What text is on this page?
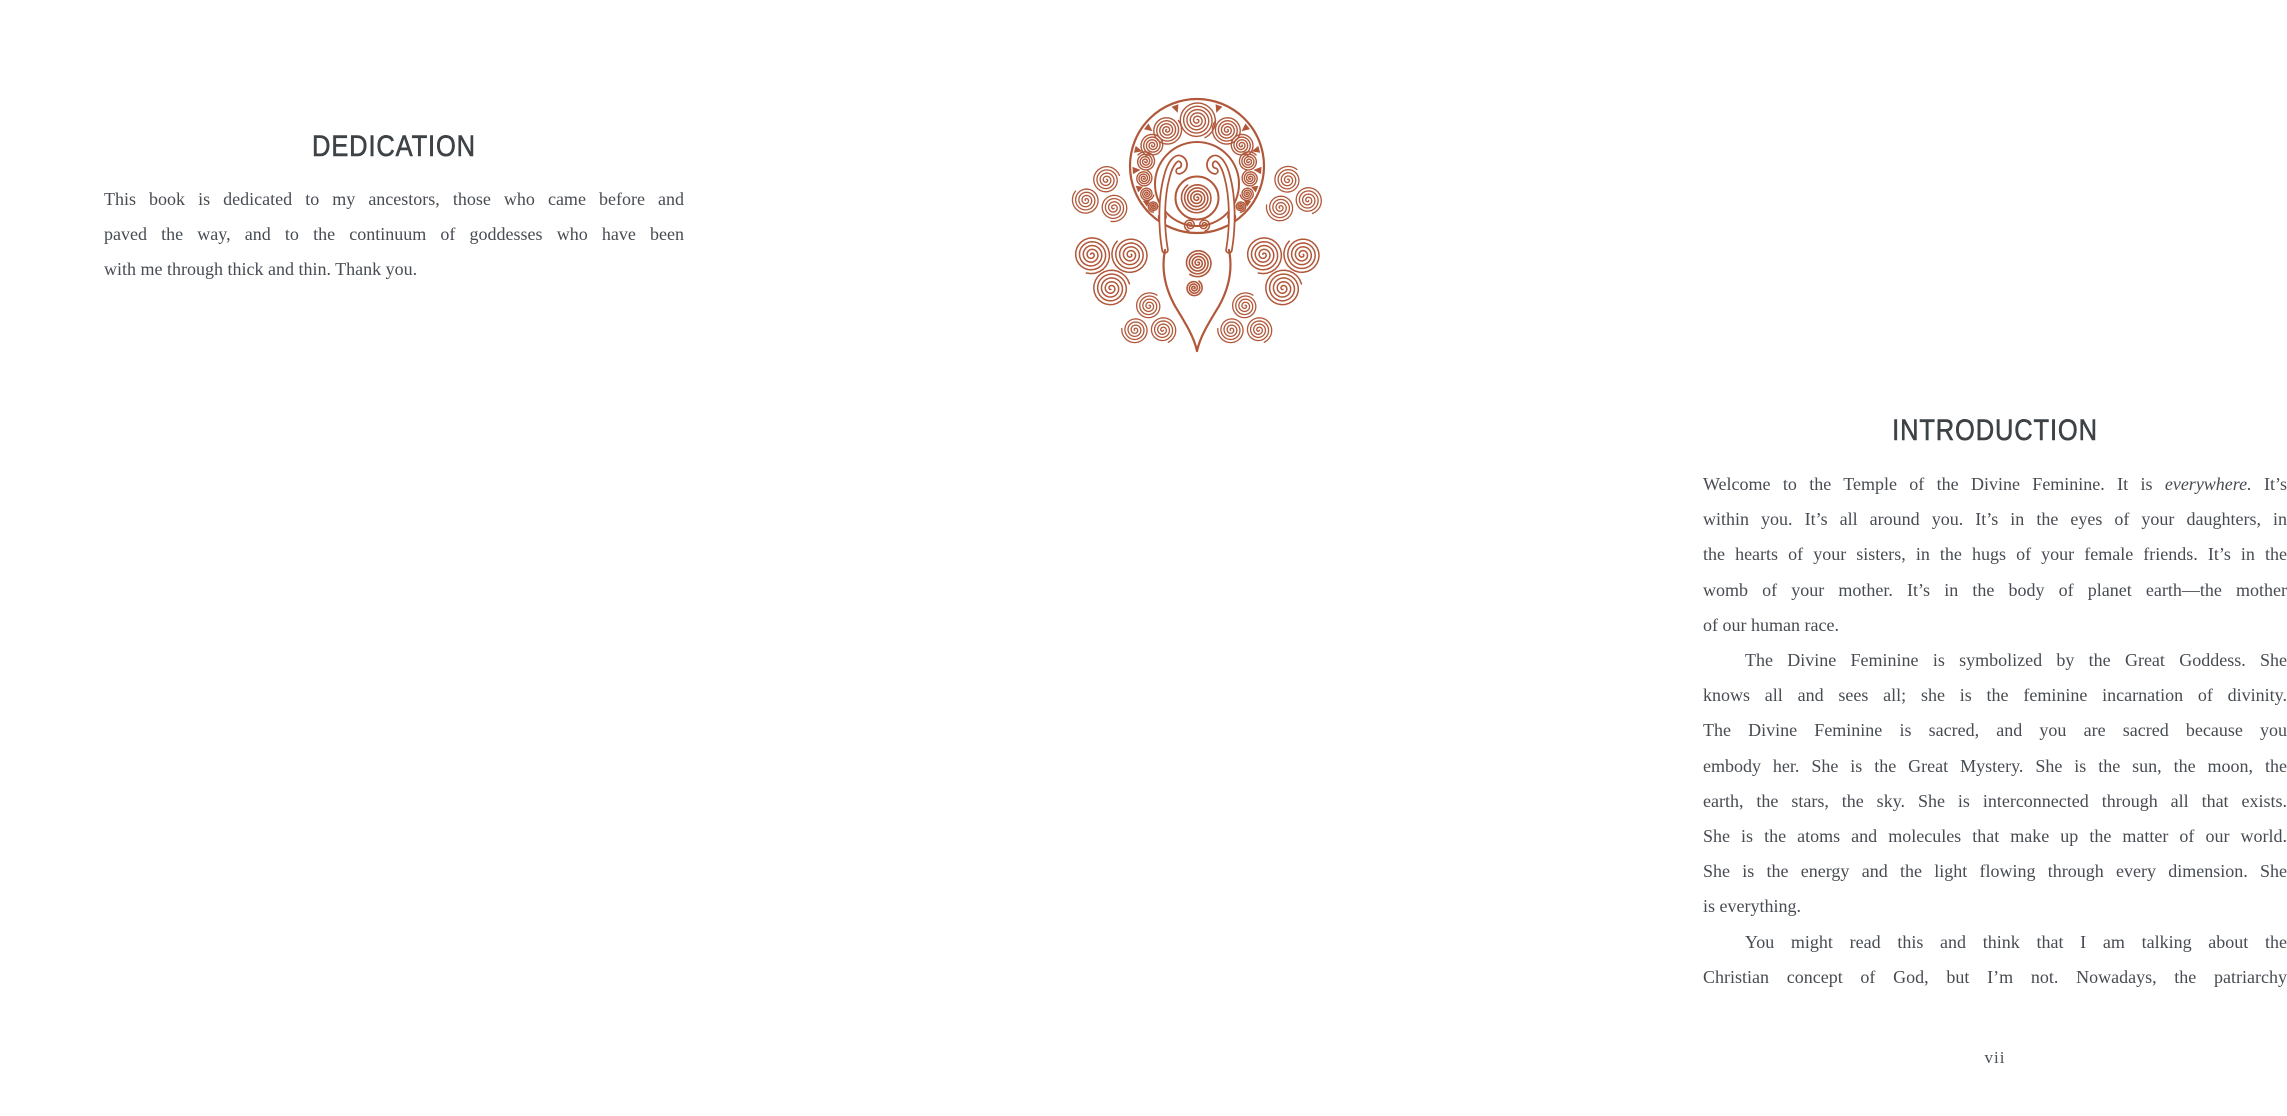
DEDICATION
This book is dedicated to my ancestors, those who came before and
paved the way, and to the continuum of goddesses who have been
with me through thick and thin. Thank you.
INTRODUCTION
Welcome to the Temple of the Divine Feminine. It is everywhere. It’s
within you. It’s all around you. It’s in the eyes of your daughters, in
the hearts of your sisters, in the hugs of your female friends. It’s in the
womb of your mother. It’s in the body of planet earth—the mother
of our human race.
The Divine Feminine is symbolized by the Great Goddess. She
knows all and sees all; she is the feminine incarnation of divinity.
The Divine Feminine is sacred, and you are sacred because you
embody her. She is the Great Mystery. She is the sun, the moon, the
earth, the stars, the sky. She is interconnected through all that exists.
She is the atoms and molecules that make up the matter of our world.
She is the energy and the light flowing through every dimension. She
is everything.
You might read this and think that I am talking about the
Christian concept of God, but I’m not. Nowadays, the patriarchy
vii
